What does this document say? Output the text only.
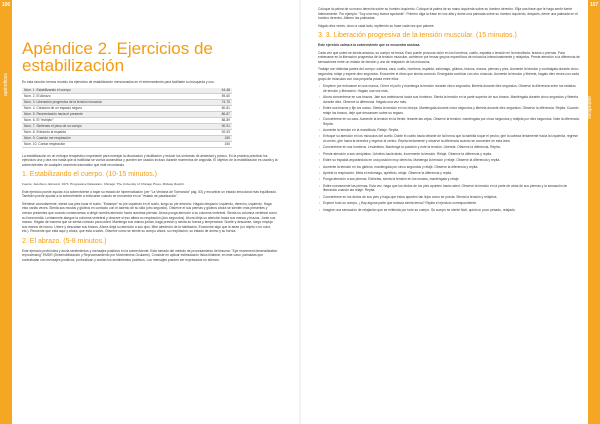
106
apéndices
107
apéndices
Apéndice 2. Ejercicios de estabilización

En esta sección hemos reunido los ejercicios de estabilización mencionados en el entrenamiento para facilitarle su búsqueda y uso.

Núm. 1. Estabilizando el cuerpo	44-48
Núm. 2. El Abrazo	59-60
Núm. 3. Liberación progresiva de la tensión muscular	74-75
Núm. 4. Creación de un espacio seguro	80-81
Núm. 5. Reorientación hacia el presente	86-87
Núm. 6. El "estripto"	88-89
Núm. 7. Sintiendo el peso de su cuerpo	90-91
Núm. 8. Entrando la espalda	92-93
Núm. 9. Cuando me respiración	150
Núm. 10. Contar respiración	150

La estabilización es un enfoque terapéutico importante para manejar la disociación y facilitación y reducir los síntomas de ansiedad y pánico. En la práctica practicar los ejercicios una y otra vez hasta que la habilidad se vuelva automática y pueden ser usados incluso durante momentos de angustia. El objetivo de la estabilización es usarla y la sobrevivientes de cualquier momento traumático que esté recordando.

1. Estabilizando el cuerpo. (10-15 minutos.)

Fuente: Jacobson, Edmund. 1974. Progressive Relaxation. Chicago: The University of Chicago Press, Midway Reprint.

Este ejercicio puede ayudar a la sobreviviente a bajar su estado de hiperexcitación (ver "La Ventana de Tolerancia" pág. 53) y encontrar un estado emocional más equilibrado. También puede ayudar a la sobreviviente a enfocarse cuando se encuentra en un "estado de paralización".

Siéntese cómodamente, sienta sus pies tocar el suelo. "Estampe" su pie izquierdo en el suelo, luego su pie derecho. Hágalo despacio: izquierdo, derecho, izquierdo. Haga esto varias veces. Sienta sus muslos y glúteos en contacto con el asiento de su silla (otro segundo). Observe el sus piernas y glúteos ahora se sienten más presentes y menos presentes que cuando comenzamos a dirigir nuestra atención hacia nuestras piernas. Ahora ponga atención a su columna vertebral. Sienta su columna vertebral como su línea media. Lentamente alargue la columna vertebral y observe si eso altera su respiración (dos segundos). Ahora dirija su atención hacia sus manos y brazos. Junte sus manos. Hágalo de manera que se sienta cómodo para usted. Mantenga sus manos juntas, haga presión y sienta su fuerza y temperatura. Suelte y descanse, luego empuje sus manos de nuevo. Libere y descanse sus brazos. Ahora dirija su atención a sus ojos. Mire alrededor de la habitación. Encuentre algo que le atrae (un objeto o un color, etc.). Recuerde que está aquí y ahora, que está a salvo. Observe cómo se siente su cuerpo ahora, su respiración, su estado de ánimo y su fuerza.

2. El abrazo. (5-8 minutos.)

Este ejercicio profundiza y ancla sentimientos y mensajes positivos en la sobreviviente. Está tomado del método de procesamiento del trauma: "Eye movement desensitization reprocessing" EMDR (Desensibilización y Reprocesamiento por Movimientos Oculares). Consiste en aplicar estimulación física bilateral, en este caso: palmadas que contrabalan con mensajes positivos, profundizan y anclan los sentimientos positivos. Los mensajes pueden ser expresados en silencio.

Coloque la palma de su mano derecha sobre su hombro izquierdo. Coloque la palma de su mano izquierda sobre su hombro derecho. Elija una frase que le haga sentir fuerte internamente. Por ejemplo: "Soy una muy buena ayudante". Primero diga la frase en voz alta y deme una palmada sobre su hombro izquierdo, después, deme una palmada en el hombro derecho. Alterne las palmadas.

Hágalo diez veces, cinco a cada lado, repitiendo su frase cada vez que palmee.

3. 3. Liberación progresiva de la tensión muscular. (15 minutos.)

Este ejercicio calma a la sobreviviente que se encuentra ansiosa.

Cada vez que usted se sienta ansiosa, su cuerpo se tensa. Esto puede provocar dolor en los hombros, cuello, espalda o tensión en la mandíbula, brazos o piernas. Para entrenarse en la liberación progresiva de la tensión muscular, comience por tensar grupos específicos de músculos intencionalmente y relajarlos. Preste atención a la diferencia de sensaciones entre un estado de tensión y uno de relajación de los músculos.

Trabaje con distintas partes del cuerpo: cabeza, cara, cuello, hombros, espalda, estómago, glúteos, brazos, manos, piernas y pies. Aumente la tensión y contráigala durante cinco segundos; relaje y espere diez segundos. Encuentre el ritmo que sienta correcto. Enseguida continúe con otro músculo. Aumente la tensión y libérela, hágalo diez veces con cada grupo de músculos con una pequeña pausa entre ellos.

• Empiece por enfocarse en sus manos. Cierre el puño y mantenga la tensión durante cinco segundos; libérela durante diez segundos. Observe la diferencia entre los estados de tensión y liberación. Hágalo una vez más.
• Ahora concentrese en sus brazos. Jale sus antebrazos hacia sus hombros. Sienta la tensión en la parte superior de sus brazos. Manténgala durante cinco segundos y libérela durante diez. Observe la diferencia. Hágalo una vez más.
• Estire sus brazos y fije los codos. Sienta la tensión en los bíceps. Manténgala durante cinco segundos y libérela durante diez segundos. Observe la diferencia. Repita. Cuando relaje los brazos, deje que descansen sobre su regazo.
• Concentrese en su cara. Aumente la tensión en la frente, levante las cejas. Observe la tensión, manténgala por cinco segundos y relájela por diez segundos. Note la diferencia. Repita.
• Aumente la tensión en la mandíbula. Relaje. Repita.
• Enfoque su atención en los músculos del cuello. Doble el cuello hacia delante de tal forma que la barbilla toque el pecho; gire la cabeza lentamente hacia la izquierda, regrese al centro, gire hacia la derecha y regrese al centro. Repita lentamente y observe la diferencia cuando se concentre en esta área.
• Concentrese en sus hombros. Levántelos. Mantenga la posición y note la tensión. Libérela. Observe la diferencia. Repita.
• Preste atención a sus omóplatos. Llévelos hacia atrás. Incremente la tensión. Relaje. Observe la diferencia y repita.
• Estire su espalda arqueándola en una posición muy derecha. Mantenga la tensión y relaje. Observe la diferencia y repita.
• Aumente la tensión en los glúteos, manténgala por cinco segundos y relaje. Observe la diferencia y repita.
• Apriete la respiración. Meta el estómago, apriételo, relaje. Observe la diferencia y repita.
• Ponga atención a sus piernas. Estírelas, sienta la tensión en los muslos, manténgala y relaje.
• Estire nuevamente las piernas. Esta vez, haga que los dedos de los pies apunten hacia usted. Observe la tensión en la parte de atrás de sus piernas y la sensación de liberación cuando las relaje. Repita.
• Concentrese en los dedos de sus pies y haga que éstos apunten tan lejos como se pueda. Sienta la tensión y relájelos.
• Explore todo su cuerpo, ¿Hay alguna parte que todavía sienta tensa? Repita el ejercicio correspondiente.
• Imagine una sensación de relajación que se extienda por todo su cuerpo. Su cuerpo se siente fácil, quizá un poco pesado, relajado.
